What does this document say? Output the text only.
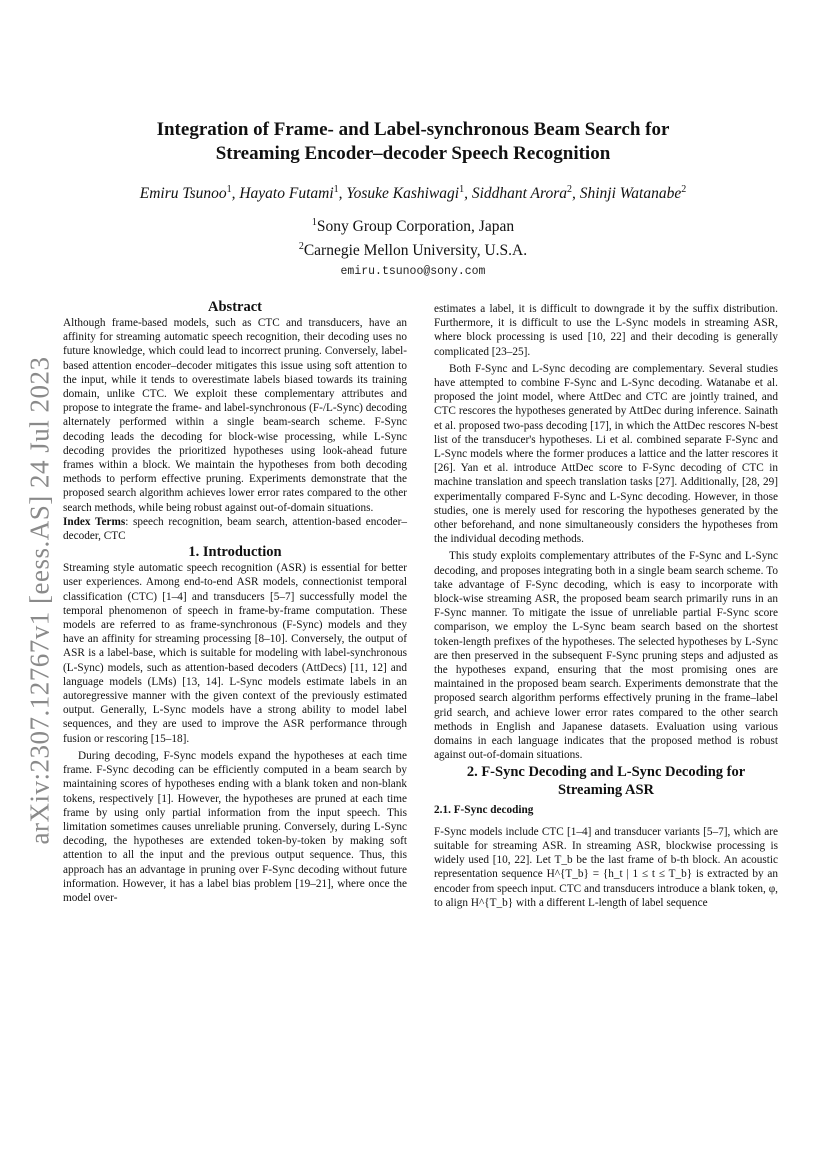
arXiv:2307.12767v1 [eess.AS] 24 Jul 2023
Integration of Frame- and Label-synchronous Beam Search for
Streaming Encoder–decoder Speech Recognition
Emiru Tsunoo$^1$, Hayato Futami$^1$, Yosuke Kashiwagi$^1$, Siddhant Arora$^2$, Shinji Watanabe$^2$
$^1$Sony Group Corporation, Japan
$^2$Carnegie Mellon University, U.S.A.
emiru.tsunoo@sony.com
Abstract

Although frame-based models, such as CTC and transducers, have an affinity for streaming automatic speech recognition, their decoding uses no future knowledge, which could lead to incorrect pruning. Conversely, label-based attention encoder–decoder mitigates this issue using soft attention to the input, while it tends to overestimate labels biased towards its training domain, unlike CTC. We exploit these complementary attributes and propose to integrate the frame- and label-synchronous (F-/L-Sync) decoding alternately performed within a single beam-search scheme. F-Sync decoding leads the decoding for block-wise processing, while L-Sync decoding provides the prioritized hypotheses using look-ahead future frames within a block. We maintain the hypotheses from both decoding methods to perform effective pruning. Experiments demonstrate that the proposed search algorithm achieves lower error rates compared to the other search methods, while being robust against out-of-domain situations.

Index Terms: speech recognition, beam search, attention-based encoder–decoder, CTC

1. Introduction

Streaming style automatic speech recognition (ASR) is essential for better user experiences. Among end-to-end ASR models, connectionist temporal classification (CTC) [1–4] and transducers [5–7] successfully model the temporal phenomenon of speech in frame-by-frame computation. These models are referred to as frame-synchronous (F-Sync) models and they have an affinity for streaming processing [8–10]. Conversely, the output of ASR is a label-base, which is suitable for modeling with label-synchronous (L-Sync) models, such as attention-based decoders (AttDecs) [11, 12] and language models (LMs) [13, 14]. L-Sync models estimate labels in an autoregressive manner with the given context of the previously estimated output. Generally, L-Sync models have a strong ability to model label sequences, and they are used to improve the ASR performance through fusion or rescoring [15–18].

During decoding, F-Sync models expand the hypotheses at each time frame. F-Sync decoding can be efficiently computed in a beam search by maintaining scores of hypotheses ending with a blank token and non-blank tokens, respectively [1]. However, the hypotheses are pruned at each time frame by using only partial information from the input speech. This limitation sometimes causes unreliable pruning. Conversely, during L-Sync decoding, the hypotheses are extended token-by-token by making soft attention to all the input and the previous output sequence. Thus, this approach has an advantage in pruning over F-Sync decoding without future information. However, it has a label bias problem [19–21], where once the model over-

estimates a label, it is difficult to downgrade it by the suffix distribution. Furthermore, it is difficult to use the L-Sync models in streaming ASR, where block processing is used [10, 22] and their decoding is generally complicated [23–25].

Both F-Sync and L-Sync decoding are complementary. Several studies have attempted to combine F-Sync and L-Sync decoding. Watanabe et al. proposed the joint model, where AttDec and CTC are jointly trained, and CTC rescores the hypotheses generated by AttDec during inference. Sainath et al. proposed two-pass decoding [17], in which the AttDec rescores N-best list of the transducer's hypotheses. Li et al. combined separate F-Sync and L-Sync models where the former produces a lattice and the latter rescores it [26]. Yan et al. introduce AttDec score to F-Sync decoding of CTC in machine translation and speech translation tasks [27]. Additionally, [28, 29] experimentally compared F-Sync and L-Sync decoding. However, in those studies, one is merely used for rescoring the hypotheses generated by the other beforehand, and none simultaneously considers the hypotheses from the individual decoding methods.

This study exploits complementary attributes of the F-Sync and L-Sync decoding, and proposes integrating both in a single beam search scheme. To take advantage of F-Sync decoding, which is easy to incorporate with block-wise streaming ASR, the proposed beam search primarily runs in an F-Sync manner. To mitigate the issue of unreliable partial F-Sync score comparison, we employ the L-Sync beam search based on the shortest token-length prefixes of the hypotheses. The selected hypotheses by L-Sync are then preserved in the subsequent F-Sync pruning steps and adjusted as the hypotheses expand, ensuring that the most promising ones are maintained in the proposed beam search. Experiments demonstrate that the proposed search algorithm performs effectively pruning in the frame–label grid search, and achieve lower error rates compared to the other search methods in English and Japanese datasets. Evaluation using various domains in each language indicates that the proposed method is robust against out-of-domain situations.

2. F-Sync Decoding and L-Sync Decoding for Streaming ASR
2.1. F-Sync decoding

F-Sync models include CTC [1–4] and transducer variants [5–7], which are suitable for streaming ASR. In streaming ASR, blockwise processing is widely used [10, 22]. Let T_b be the last frame of b-th block. An acoustic representation sequence H^{T_b} = {h_t | 1 ≤ t ≤ T_b} is extracted by an encoder from speech input. CTC and transducers introduce a blank token, φ, to align H^{T_b} with a different L-length of label sequence
